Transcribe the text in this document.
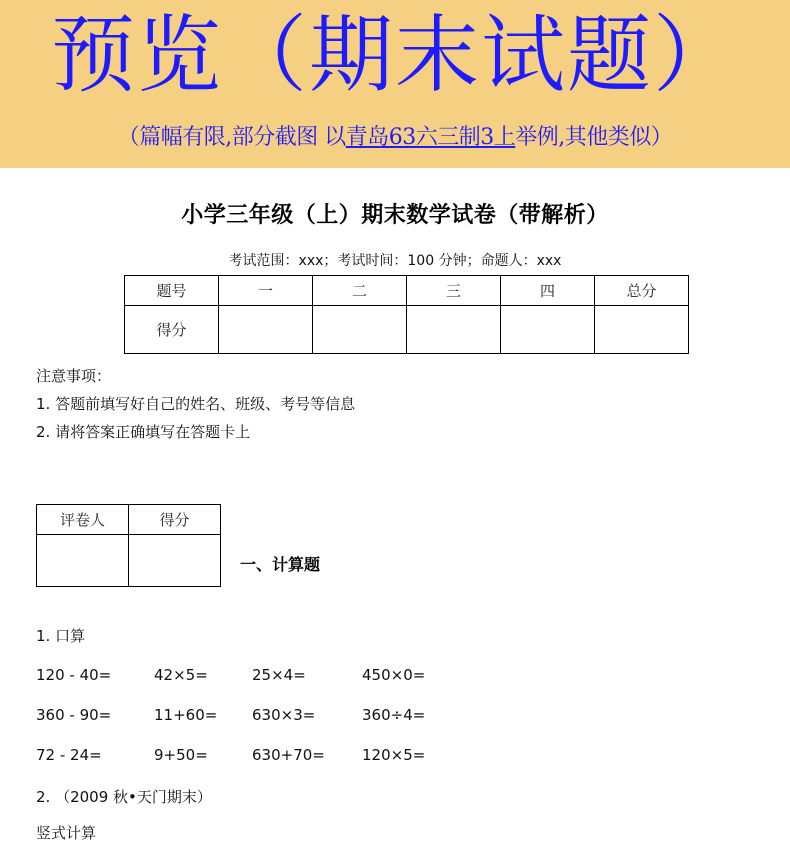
预览（期末试题）
（篇幅有限,部分截图 以青岛63六三制3上举例,其他类似）
小学三年级（上）期末数学试卷（带解析）
考试范围：xxx；考试时间：100 分钟；命题人：xxx
题号	一	二	三	四	总分
得分					
注意事项：
1. 答题前填写好自己的姓名、班级、考号等信息
2. 请将答案正确填写在答题卡上
评卷人	得分

一、计算题
1. 口算
120 - 40=	42×5=	25×4=	450×0=
360 - 90=	11+60= 630×3=	360÷4=
72 - 24=	9+50=	630+70= 120×5=
2. （2009 秋•天门期末）
竖式计算
